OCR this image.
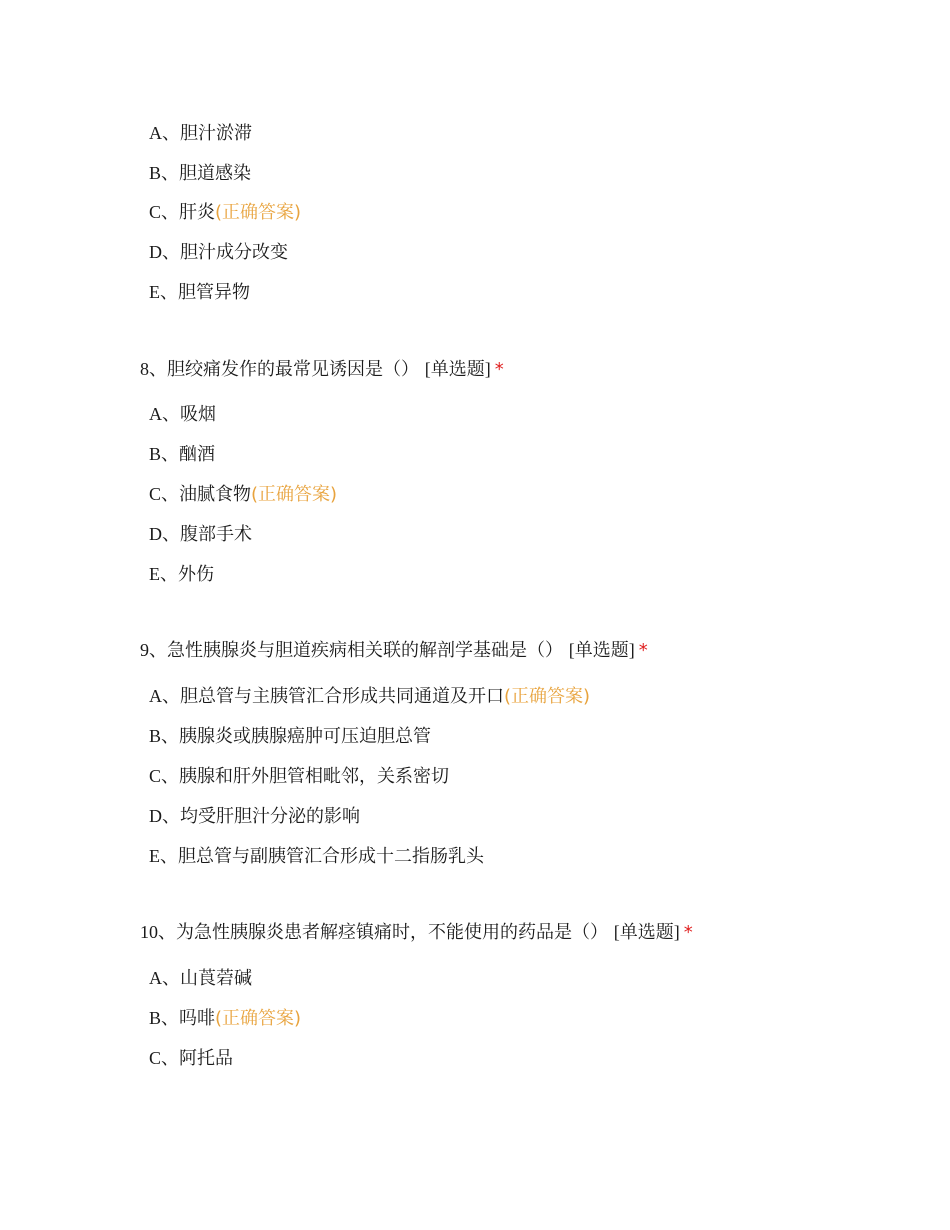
A、胆汁淤滞
B、胆道感染
C、肝炎(正确答案)
D、胆汁成分改变
E、胆管异物
8、胆绞痛发作的最常见诱因是（） [单选题] *
A、吸烟
B、酗酒
C、油腻食物(正确答案)
D、腹部手术
E、外伤
9、急性胰腺炎与胆道疾病相关联的解剖学基础是（） [单选题] *
A、胆总管与主胰管汇合形成共同通道及开口(正确答案)
B、胰腺炎或胰腺癌肿可压迫胆总管
C、胰腺和肝外胆管相毗邻，关系密切
D、均受肝胆汁分泌的影响
E、胆总管与副胰管汇合形成十二指肠乳头
10、为急性胰腺炎患者解痉镇痛时，不能使用的药品是（） [单选题] *
A、山莨菪碱
B、吗啡(正确答案)
C、阿托品
